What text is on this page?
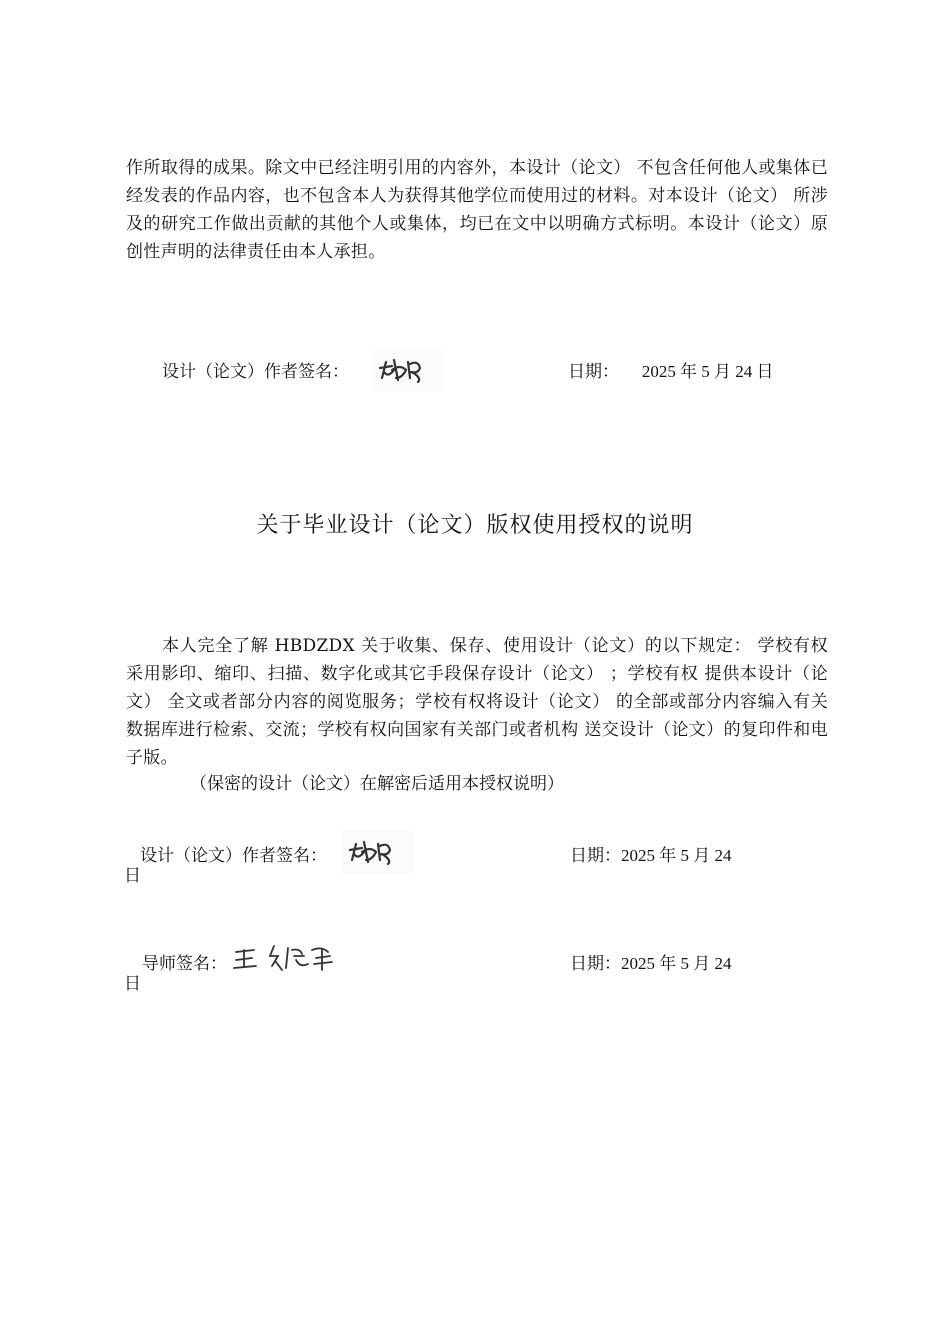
作所取得的成果。除文中已经注明引用的内容外，本设计（论文） 不包含任何他人或集体已经发表的作品内容，也不包含本人为获得其他学位而使用过的材料。对本设计（论文） 所涉及的研究工作做出贡献的其他个人或集体，均已在文中以明确方式标明。本设计（论文）原创性声明的法律责任由本人承担。
设计（论文）作者签名：	日期： 2025 年 5 月 24 日
关于毕业设计（论文）版权使用授权的说明
本人完全了解 HBDZDX 关于收集、保存、使用设计（论文）的以下规定： 学校有权采用影印、缩印、扫描、数字化或其它手段保存设计（论文） ；学校有权 提供本设计（论文） 全文或者部分内容的阅览服务；学校有权将设计（论文） 的全部或部分内容编入有关数据库进行检索、交流；学校有权向国家有关部门或者机构 送交设计（论文）的复印件和电子版。
（保密的设计（论文）在解密后适用本授权说明）
设计（论文）作者签名：	日期：2025 年 5 月 24
日
导师签名：	日期：2025 年 5 月 24
日
